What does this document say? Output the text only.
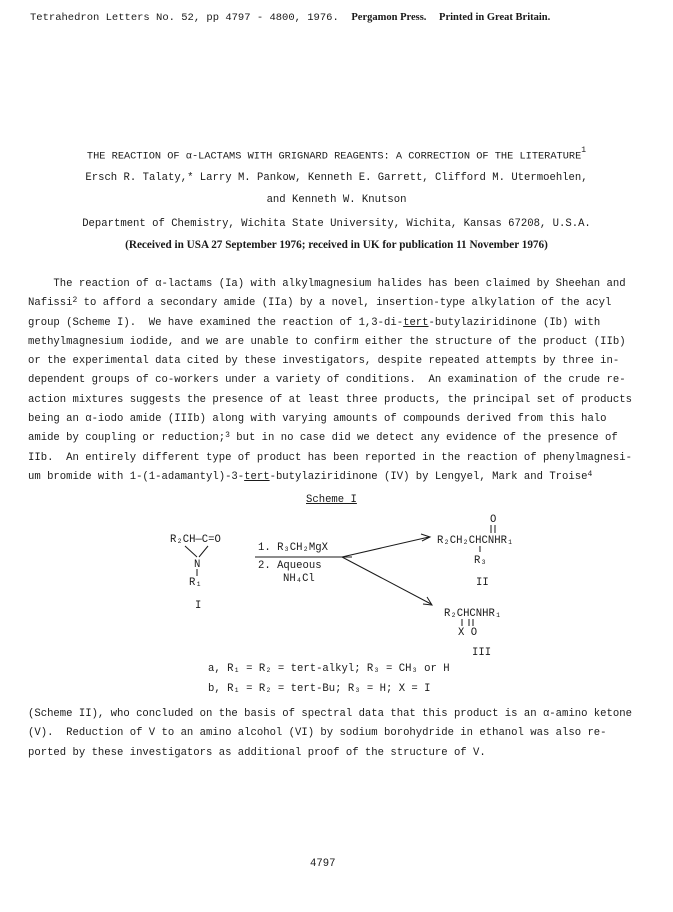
Tetrahedron Letters No. 52, pp 4797 - 4800, 1976. Pergamon Press. Printed in Great Britain.
THE REACTION OF α-LACTAMS WITH GRIGNARD REAGENTS: A CORRECTION OF THE LITERATURE$^1$
Ersch R. Talaty,* Larry M. Pankow, Kenneth E. Garrett, Clifford M. Utermoehlen,
and Kenneth W. Knutson
Department of Chemistry, Wichita State University, Wichita, Kansas 67208, U.S.A.
(Received in USA 27 September 1976; received in UK for publication 11 November 1976)
The reaction of α-lactams (Ia) with alkylmagnesium halides has been claimed by Sheehan and
Nafissi$^2$ to afford a secondary amide (IIa) by a novel, insertion-type alkylation of the acyl
group (Scheme I).  We have examined the reaction of 1,3-di-tert-butylaziridinone (Ib) with
methylmagnesium iodide, and we are unable to confirm either the structure of the product (IIb)
or the experimental data cited by these investigators, despite repeated attempts by three in-
dependent groups of co-workers under a variety of conditions.  An examination of the crude re-
action mixtures suggests the presence of at least three products, the principal set of products
being an α-iodo amide (IIIb) along with varying amounts of compounds derived from this halo
amide by coupling or reduction;$^3$ but in no case did we detect any evidence of the presence of
IIb.  An entirely different type of product has been reported in the reaction of phenylmagnesi-
um bromide with 1-(1-adamantyl)-3-tert-butylaziridinone (IV) by Lengyel, Mark and Troise$^4$
Scheme I
R₂CH—C=O
N
R₁
I
1. R₃CH₂MgX
2. Aqueous
NH₄Cl
O
R₂CH₂CHCNHR₁
R₃
II
R₂CHCNHR₁
X O
III
a, R₁ = R₂ = tert-alkyl; R₃ = CH₃ or H
b, R₁ = R₂ = tert-Bu; R₃ = H; X = I
(Scheme II), who concluded on the basis of spectral data that this product is an α-amino ketone
(V).  Reduction of V to an amino alcohol (VI) by sodium borohydride in ethanol was also re-
ported by these investigators as additional proof of the structure of V.
4797
